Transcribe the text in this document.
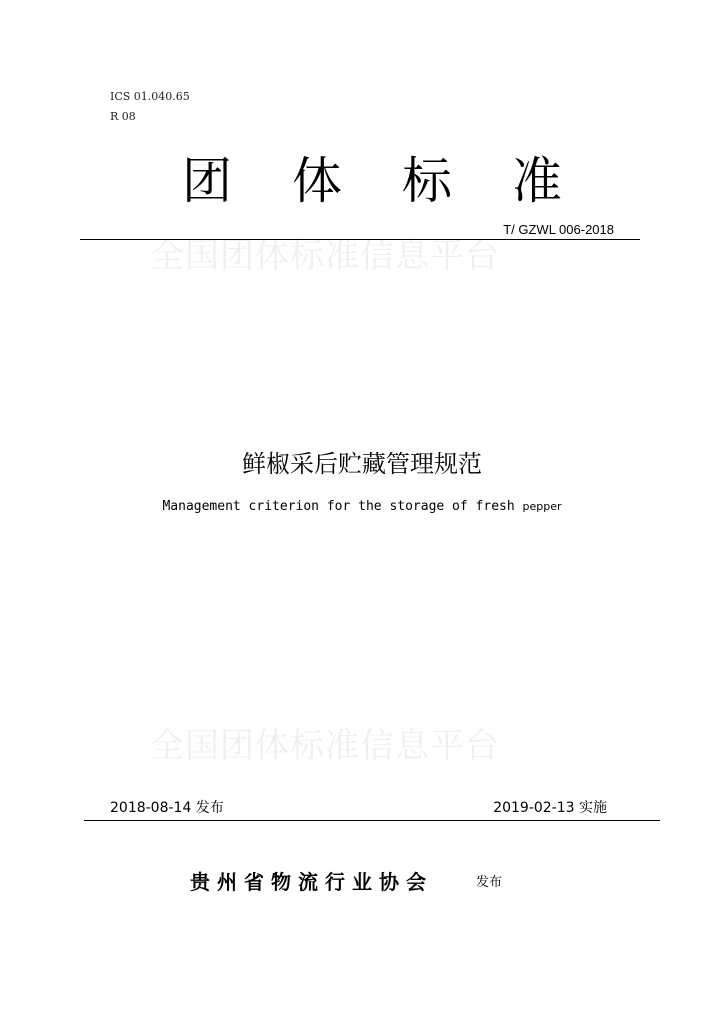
ICS 01.040.65
R 08
团 体 标 准
全国团体标准信息平台
T/ GZWL 006-2018
鲜椒采后贮藏管理规范
Management criterion for the storage of fresh pepper
全国团体标准信息平台
2018-08-14 发布	2019-02-13 实施
贵州省物流行业协会	发布
